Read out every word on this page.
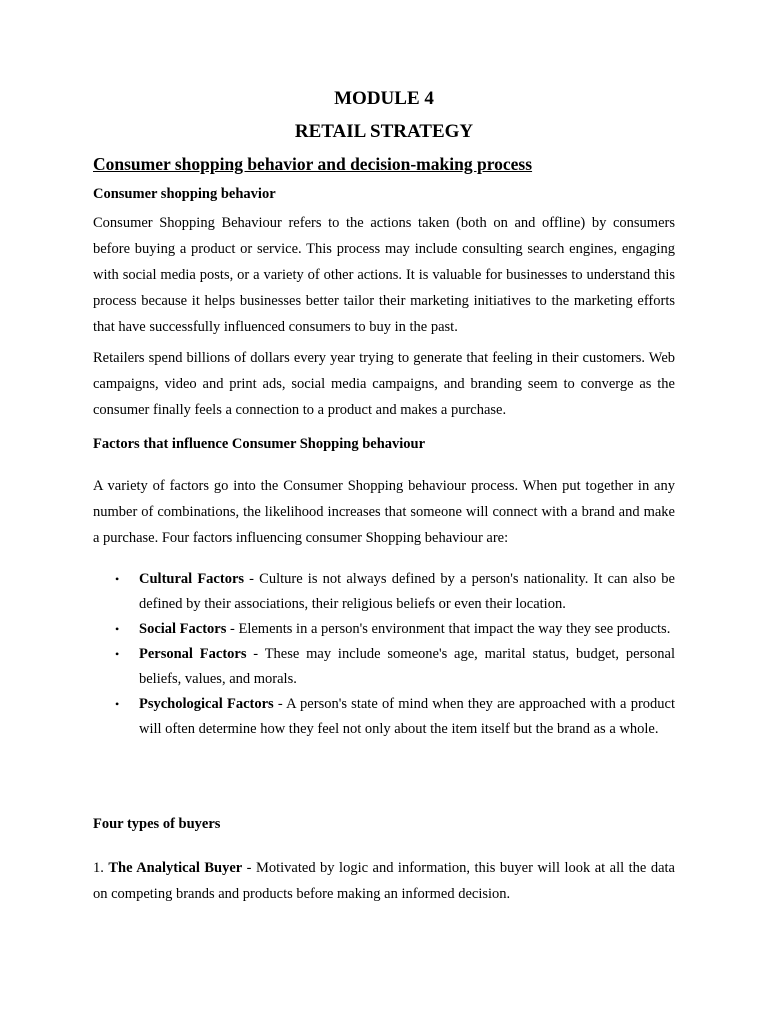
MODULE 4
RETAIL STRATEGY
Consumer shopping behavior and decision-making process
Consumer shopping behavior

Consumer Shopping Behaviour refers to the actions taken (both on and offline) by consumers before buying a product or service. This process may include consulting search engines, engaging with social media posts, or a variety of other actions. It is valuable for businesses to understand this process because it helps businesses better tailor their marketing initiatives to the marketing efforts that have successfully influenced consumers to buy in the past.

Retailers spend billions of dollars every year trying to generate that feeling in their customers. Web campaigns, video and print ads, social media campaigns, and branding seem to converge as the consumer finally feels a connection to a product and makes a purchase.

Factors that influence Consumer Shopping behaviour

A variety of factors go into the Consumer Shopping behaviour process. When put together in any number of combinations, the likelihood increases that someone will connect with a brand and make a purchase. Four factors influencing consumer Shopping behaviour are:

• Cultural Factors - Culture is not always defined by a person's nationality. It can also be defined by their associations, their religious beliefs or even their location.
• Social Factors - Elements in a person's environment that impact the way they see products.
• Personal Factors - These may include someone's age, marital status, budget, personal beliefs, values, and morals.
• Psychological Factors - A person's state of mind when they are approached with a product will often determine how they feel not only about the item itself but the brand as a whole.
Four types of buyers

1. The Analytical Buyer - Motivated by logic and information, this buyer will look at all the data on competing brands and products before making an informed decision.
